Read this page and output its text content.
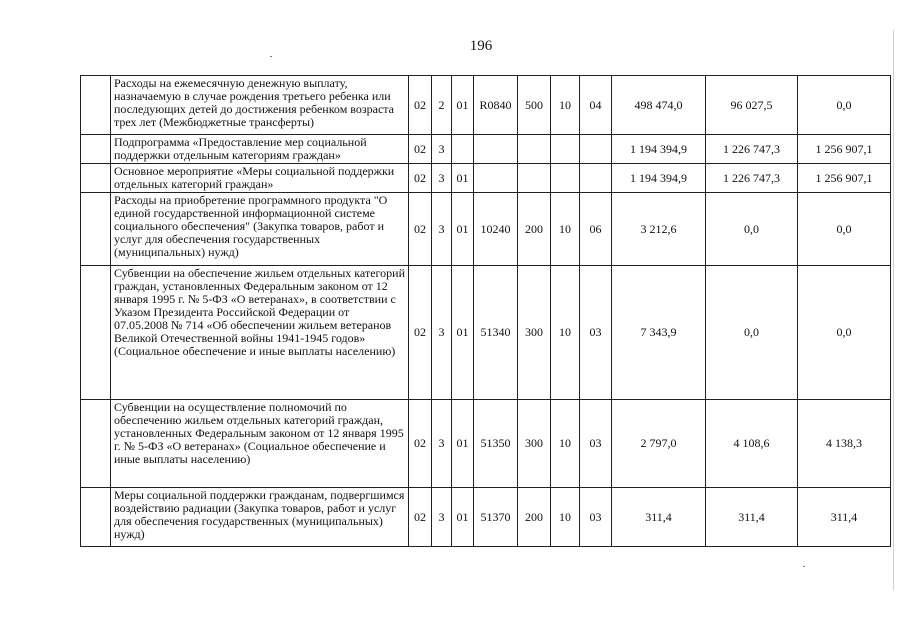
196
	Расходы на ежемесячную денежную выплату, назначаемую в случае рождения третьего ребенка или последующих детей до достижения ребенком возраста трех лет (Межбюджетные трансферты)	02	2	01	R0840	500	10	04	498 474,0	96 027,5	0,0
	Подпрограмма «Предоставление мер социальной поддержки отдельным категориям граждан»	02	3						1 194 394,9	1 226 747,3	1 256 907,1
	Основное мероприятие «Меры социальной поддержки отдельных категорий граждан»	02	3	01					1 194 394,9	1 226 747,3	1 256 907,1
	Расходы на приобретение программного продукта "О единой государственной информационной системе социального обеспечения" (Закупка товаров, работ и услуг для обеспечения государственных (муниципальных) нужд)	02	3	01	10240	200	10	06	3 212,6	0,0	0,0
	Субвенции на обеспечение жильем отдельных категорий граждан, установленных Федеральным законом от 12 января 1995 г. № 5-ФЗ «О ветеранах», в соответствии с Указом Президента Российской Федерации от 07.05.2008 № 714 «Об обеспечении жильем ветеранов Великой Отечественной войны 1941-1945 годов» (Социальное обеспечение и иные выплаты населению)	02	3	01	51340	300	10	03	7 343,9	0,0	0,0
	Субвенции на осуществление полномочий по обеспечению жильем отдельных категорий граждан, установленных Федеральным законом от 12 января 1995 г. № 5-ФЗ «О ветеранах» (Социальное обеспечение и иные выплаты населению)	02	3	01	51350	300	10	03	2 797,0	4 108,6	4 138,3
	Меры социальной поддержки гражданам, подвергшимся воздействию радиации (Закупка товаров, работ и услуг для обеспечения государственных (муниципальных) нужд)	02	3	01	51370	200	10	03	311,4	311,4	311,4
